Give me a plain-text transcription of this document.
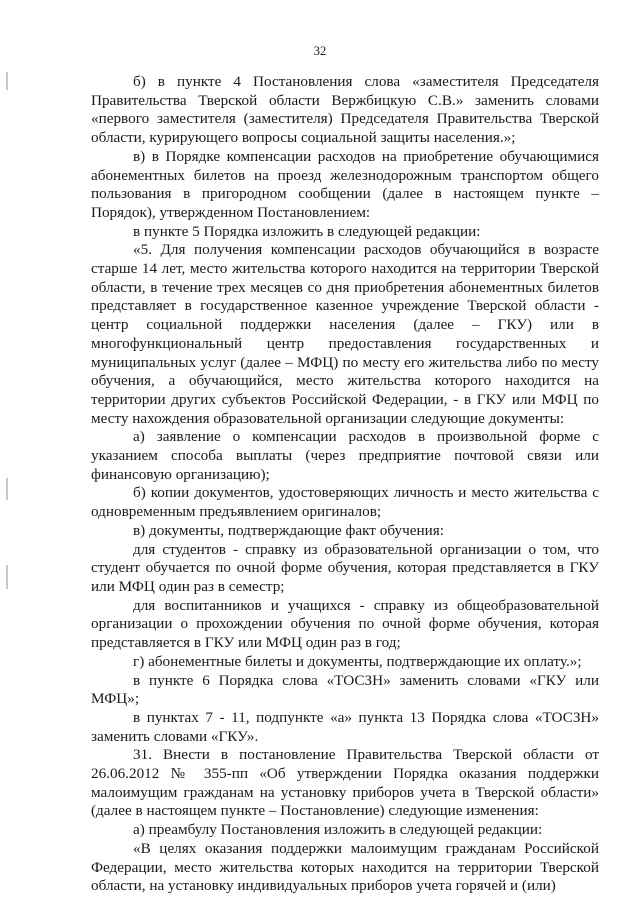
32

б) в пункте 4 Постановления слова «заместителя Председателя Правительства Тверской области Вержбицкую С.В.» заменить словами «первого заместителя (заместителя) Председателя Правительства Тверской области, курирующего вопросы социальной защиты населения.»;

в) в Порядке компенсации расходов на приобретение обучающимися абонементных билетов на проезд железнодорожным транспортом общего пользования в пригородном сообщении (далее в настоящем пункте – Порядок), утвержденном Постановлением:

в пункте 5 Порядка изложить в следующей редакции:

«5. Для получения компенсации расходов обучающийся в возрасте старше 14 лет, место жительства которого находится на территории Тверской области, в течение трех месяцев со дня приобретения абонементных билетов представляет в государственное казенное учреждение Тверской области - центр социальной поддержки населения (далее – ГКУ) или в многофункциональный центр предоставления государственных и муниципальных услуг (далее – МФЦ) по месту его жительства либо по месту обучения, а обучающийся, место жительства которого находится на территории других субъектов Российской Федерации, - в ГКУ или МФЦ по месту нахождения образовательной организации следующие документы:

а) заявление о компенсации расходов в произвольной форме с указанием способа выплаты (через предприятие почтовой связи или финансовую организацию);

б) копии документов, удостоверяющих личность и место жительства с одновременным предъявлением оригиналов;

в) документы, подтверждающие факт обучения:

для студентов - справку из образовательной организации о том, что студент обучается по очной форме обучения, которая представляется в ГКУ или МФЦ один раз в семестр;

для воспитанников и учащихся - справку из общеобразовательной организации о прохождении обучения по очной форме обучения, которая представляется в ГКУ или МФЦ один раз в год;

г) абонементные билеты и документы, подтверждающие их оплату.»;

в пункте 6 Порядка слова «ТОСЗН» заменить словами «ГКУ или МФЦ»;

в пунктах 7 - 11, подпункте «а» пункта 13 Порядка слова «ТОСЗН» заменить словами «ГКУ».

31. Внести в постановление Правительства Тверской области от 26.06.2012 № 355-пп «Об утверждении Порядка оказания поддержки малоимущим гражданам на установку приборов учета в Тверской области» (далее в настоящем пункте – Постановление) следующие изменения:

а) преамбулу Постановления изложить в следующей редакции:

«В целях оказания поддержки малоимущим гражданам Российской Федерации, место жительства которых находится на территории Тверской области, на установку индивидуальных приборов учета горячей и (или)
